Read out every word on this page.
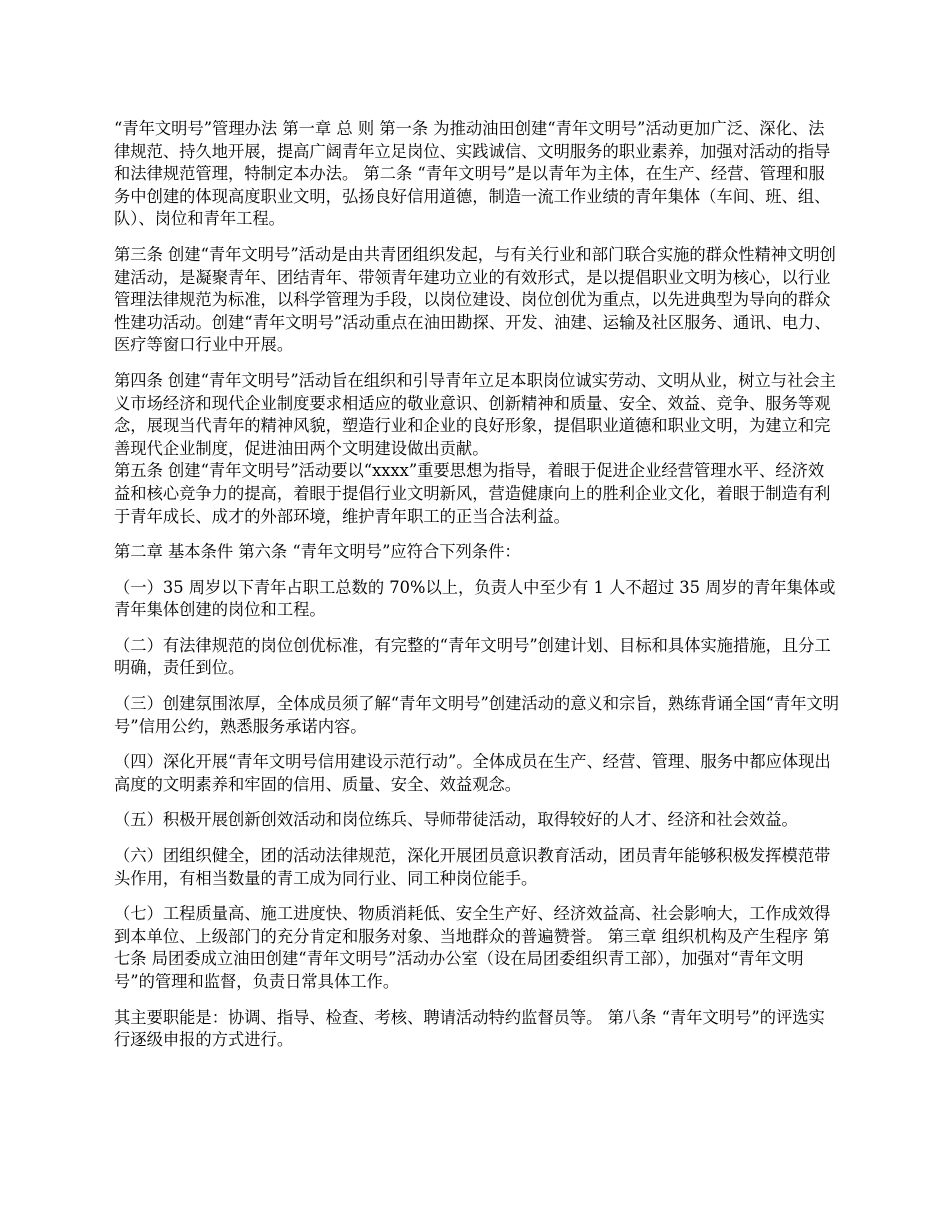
“青年文明号”管理办法 第一章 总 则 第一条 为推动油田创建“青年文明号”活动更加广泛、深化、法律规范、持久地开展，提高广阔青年立足岗位、实践诚信、文明服务的职业素养，加强对活动的指导和法律规范管理，特制定本办法。 第二条 “青年文明号”是以青年为主体，在生产、经营、管理和服务中创建的体现高度职业文明，弘扬良好信用道德，制造一流工作业绩的青年集体（车间、班、组、队）、岗位和青年工程。

第三条 创建“青年文明号”活动是由共青团组织发起，与有关行业和部门联合实施的群众性精神文明创建活动，是凝聚青年、团结青年、带领青年建功立业的有效形式，是以提倡职业文明为核心，以行业管理法律规范为标准，以科学管理为手段，以岗位建设、岗位创优为重点，以先进典型为导向的群众性建功活动。创建“青年文明号”活动重点在油田勘探、开发、油建、运输及社区服务、通讯、电力、医疗等窗口行业中开展。

第四条 创建“青年文明号”活动旨在组织和引导青年立足本职岗位诚实劳动、文明从业，树立与社会主义市场经济和现代企业制度要求相适应的敬业意识、创新精神和质量、安全、效益、竞争、服务等观念，展现当代青年的精神风貌，塑造行业和企业的良好形象，提倡职业道德和职业文明，为建立和完善现代企业制度，促进油田两个文明建设做出贡献。

第五条 创建“青年文明号”活动要以“xxxx”重要思想为指导，着眼于促进企业经营管理水平、经济效益和核心竞争力的提高，着眼于提倡行业文明新风，营造健康向上的胜利企业文化，着眼于制造有利于青年成长、成才的外部环境，维护青年职工的正当合法利益。

第二章 基本条件 第六条 “青年文明号”应符合下列条件：

（一）35 周岁以下青年占职工总数的 70%以上，负责人中至少有 1 人不超过 35 周岁的青年集体或青年集体创建的岗位和工程。

（二）有法律规范的岗位创优标准，有完整的“青年文明号”创建计划、目标和具体实施措施，且分工明确，责任到位。

（三）创建氛围浓厚，全体成员须了解“青年文明号”创建活动的意义和宗旨，熟练背诵全国“青年文明号”信用公约，熟悉服务承诺内容。

（四）深化开展“青年文明号信用建设示范行动”。全体成员在生产、经营、管理、服务中都应体现出高度的文明素养和牢固的信用、质量、安全、效益观念。

（五）积极开展创新创效活动和岗位练兵、导师带徒活动，取得较好的人才、经济和社会效益。

（六）团组织健全，团的活动法律规范，深化开展团员意识教育活动，团员青年能够积极发挥模范带头作用，有相当数量的青工成为同行业、同工种岗位能手。

（七）工程质量高、施工进度快、物质消耗低、安全生产好、经济效益高、社会影响大，工作成效得到本单位、上级部门的充分肯定和服务对象、当地群众的普遍赞誉。 第三章 组织机构及产生程序 第七条 局团委成立油田创建“青年文明号”活动办公室（设在局团委组织青工部），加强对“青年文明号”的管理和监督，负责日常具体工作。

其主要职能是：协调、指导、检查、考核、聘请活动特约监督员等。 第八条 “青年文明号”的评选实行逐级申报的方式进行。
